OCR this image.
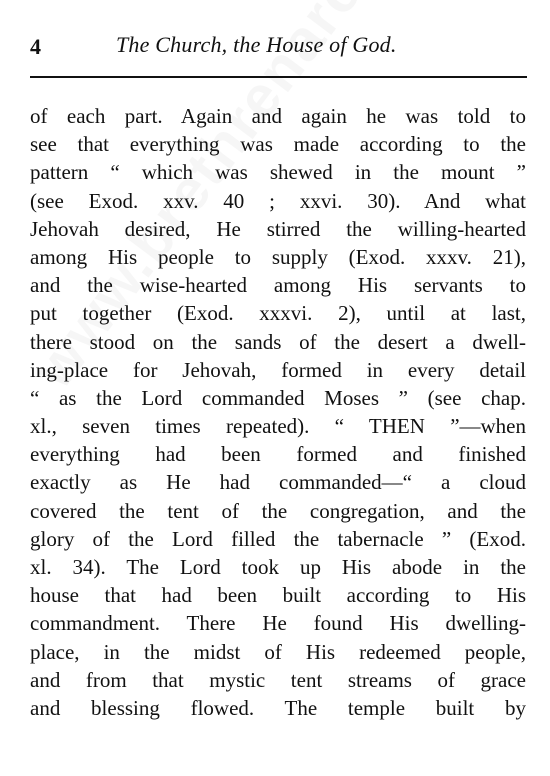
4	The Church, the House of God.
of each part. Again and again he was told to
see that everything was made according to the
pattern “ which was shewed in the mount ”
(see Exod. xxv. 40 ; xxvi. 30). And what
Jehovah desired, He stirred the willing-hearted
among His people to supply (Exod. xxxv. 21),
and the wise-hearted among His servants to
put together (Exod. xxxvi. 2), until at last,
there stood on the sands of the desert a dwell-
ing-place for Jehovah, formed in every detail
“ as the Lord commanded Moses ” (see chap.
xl., seven times repeated). “ THEN ”—when
everything had been formed and finished
exactly as He had commanded—“ a cloud
covered the tent of the congregation, and the
glory of the Lord filled the tabernacle ” (Exod.
xl. 34). The Lord took up His abode in the
house that had been built according to His
commandment. There He found His dwelling-
place, in the midst of His redeemed people,
and from that mystic tent streams of grace
and blessing flowed. The temple built by
